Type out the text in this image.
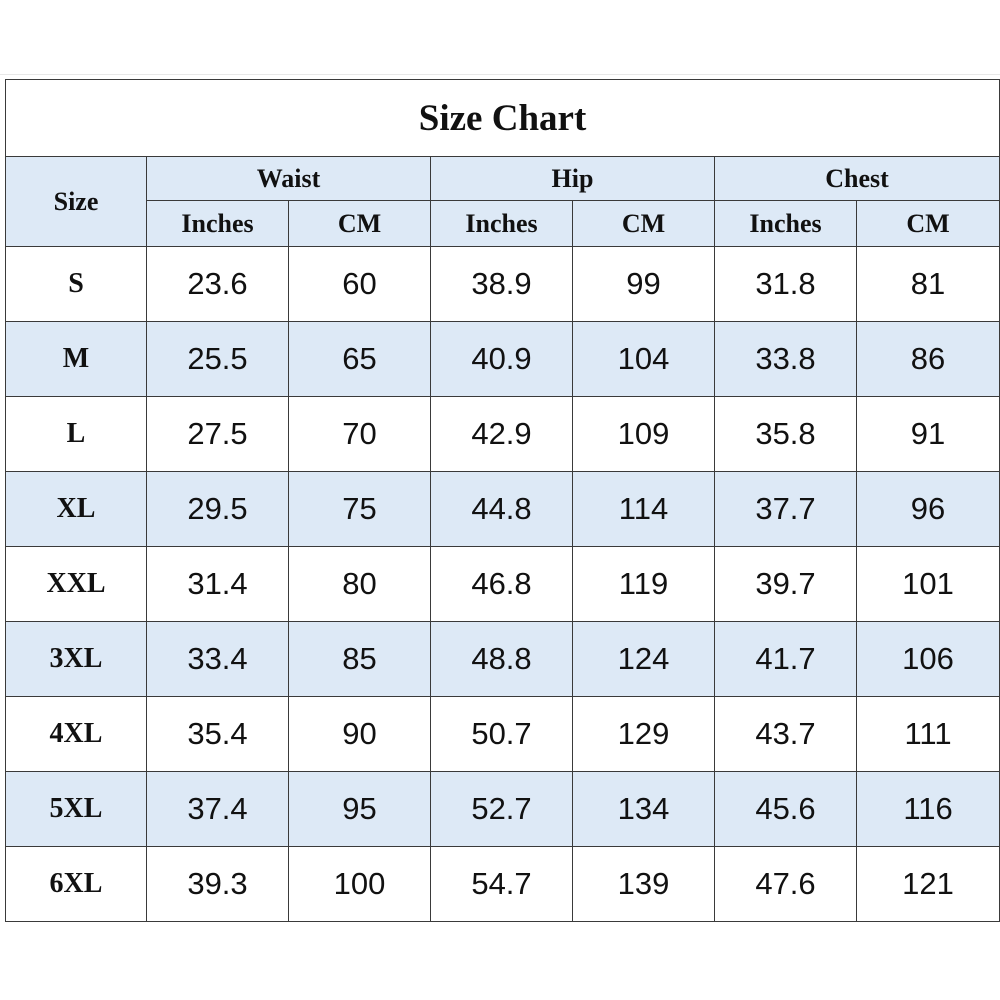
Size Chart						
Size	Waist		Hip		Chest	
	Inches	CM	Inches	CM	Inches	CM
S	23.6	60	38.9	99	31.8	81
M	25.5	65	40.9	104	33.8	86
L	27.5	70	42.9	109	35.8	91
XL	29.5	75	44.8	114	37.7	96
XXL	31.4	80	46.8	119	39.7	101
3XL	33.4	85	48.8	124	41.7	106
4XL	35.4	90	50.7	129	43.7	111
5XL	37.4	95	52.7	134	45.6	116
6XL	39.3	100	54.7	139	47.6	121
